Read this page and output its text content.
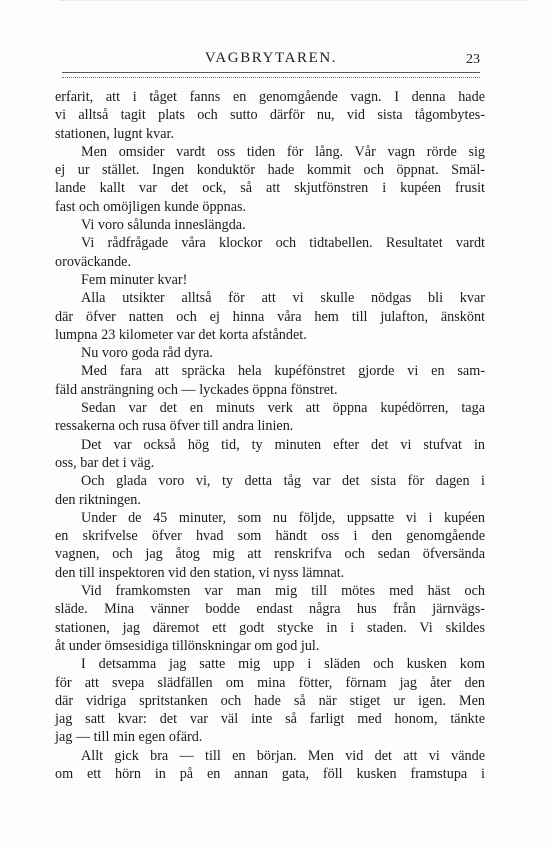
VAGBRYTAREN.	23
erfarit, att i tåget fanns en genomgående vagn. I denna hade
vi alltså tagit plats och sutto därför nu, vid sista tågombytes-
stationen, lugnt kvar.
Men omsider vardt oss tiden för lång. Vår vagn rörde sig
ej ur stället. Ingen konduktör hade kommit och öppnat. Smäl-
lande kallt var det ock, så att skjutfönstren i kupéen frusit
fast och omöjligen kunde öppnas.
Vi voro sålunda inneslängda.
Vi rådfrågade våra klockor och tidtabellen. Resultatet vardt
oroväckande.
Fem minuter kvar!
Alla utsikter alltså för att vi skulle nödgas bli kvar
där öfver natten och ej hinna våra hem till julafton, änskönt
lumpna 23 kilometer var det korta afståndet.
Nu voro goda råd dyra.
Med fara att spräcka hela kupéfönstret gjorde vi en sam-
fäld ansträngning och — lyckades öppna fönstret.
Sedan var det en minuts verk att öppna kupédörren, taga
ressakerna och rusa öfver till andra linien.
Det var också hög tid, ty minuten efter det vi stufvat in
oss, bar det i väg.
Och glada voro vi, ty detta tåg var det sista för dagen i
den riktningen.
Under de 45 minuter, som nu följde, uppsatte vi i kupéen
en skrifvelse öfver hvad som händt oss i den genomgående
vagnen, och jag åtog mig att renskrifva och sedan öfversända
den till inspektoren vid den station, vi nyss lämnat.
Vid framkomsten var man mig till mötes med häst och
släde. Mina vänner bodde endast några hus från järnvägs-
stationen, jag däremot ett godt stycke in i staden. Vi skildes
åt under ömsesidiga tillönskningar om god jul.
I detsamma jag satte mig upp i släden och kusken kom
för att svepa slädfällen om mina fötter, förnam jag åter den
där vidriga spritstanken och hade så när stiget ur igen. Men
jag satt kvar: det var väl inte så farligt med honom, tänkte
jag — till min egen ofärd.
Allt gick bra — till en början. Men vid det att vi vände
om ett hörn in på en annan gata, föll kusken framstupa i
